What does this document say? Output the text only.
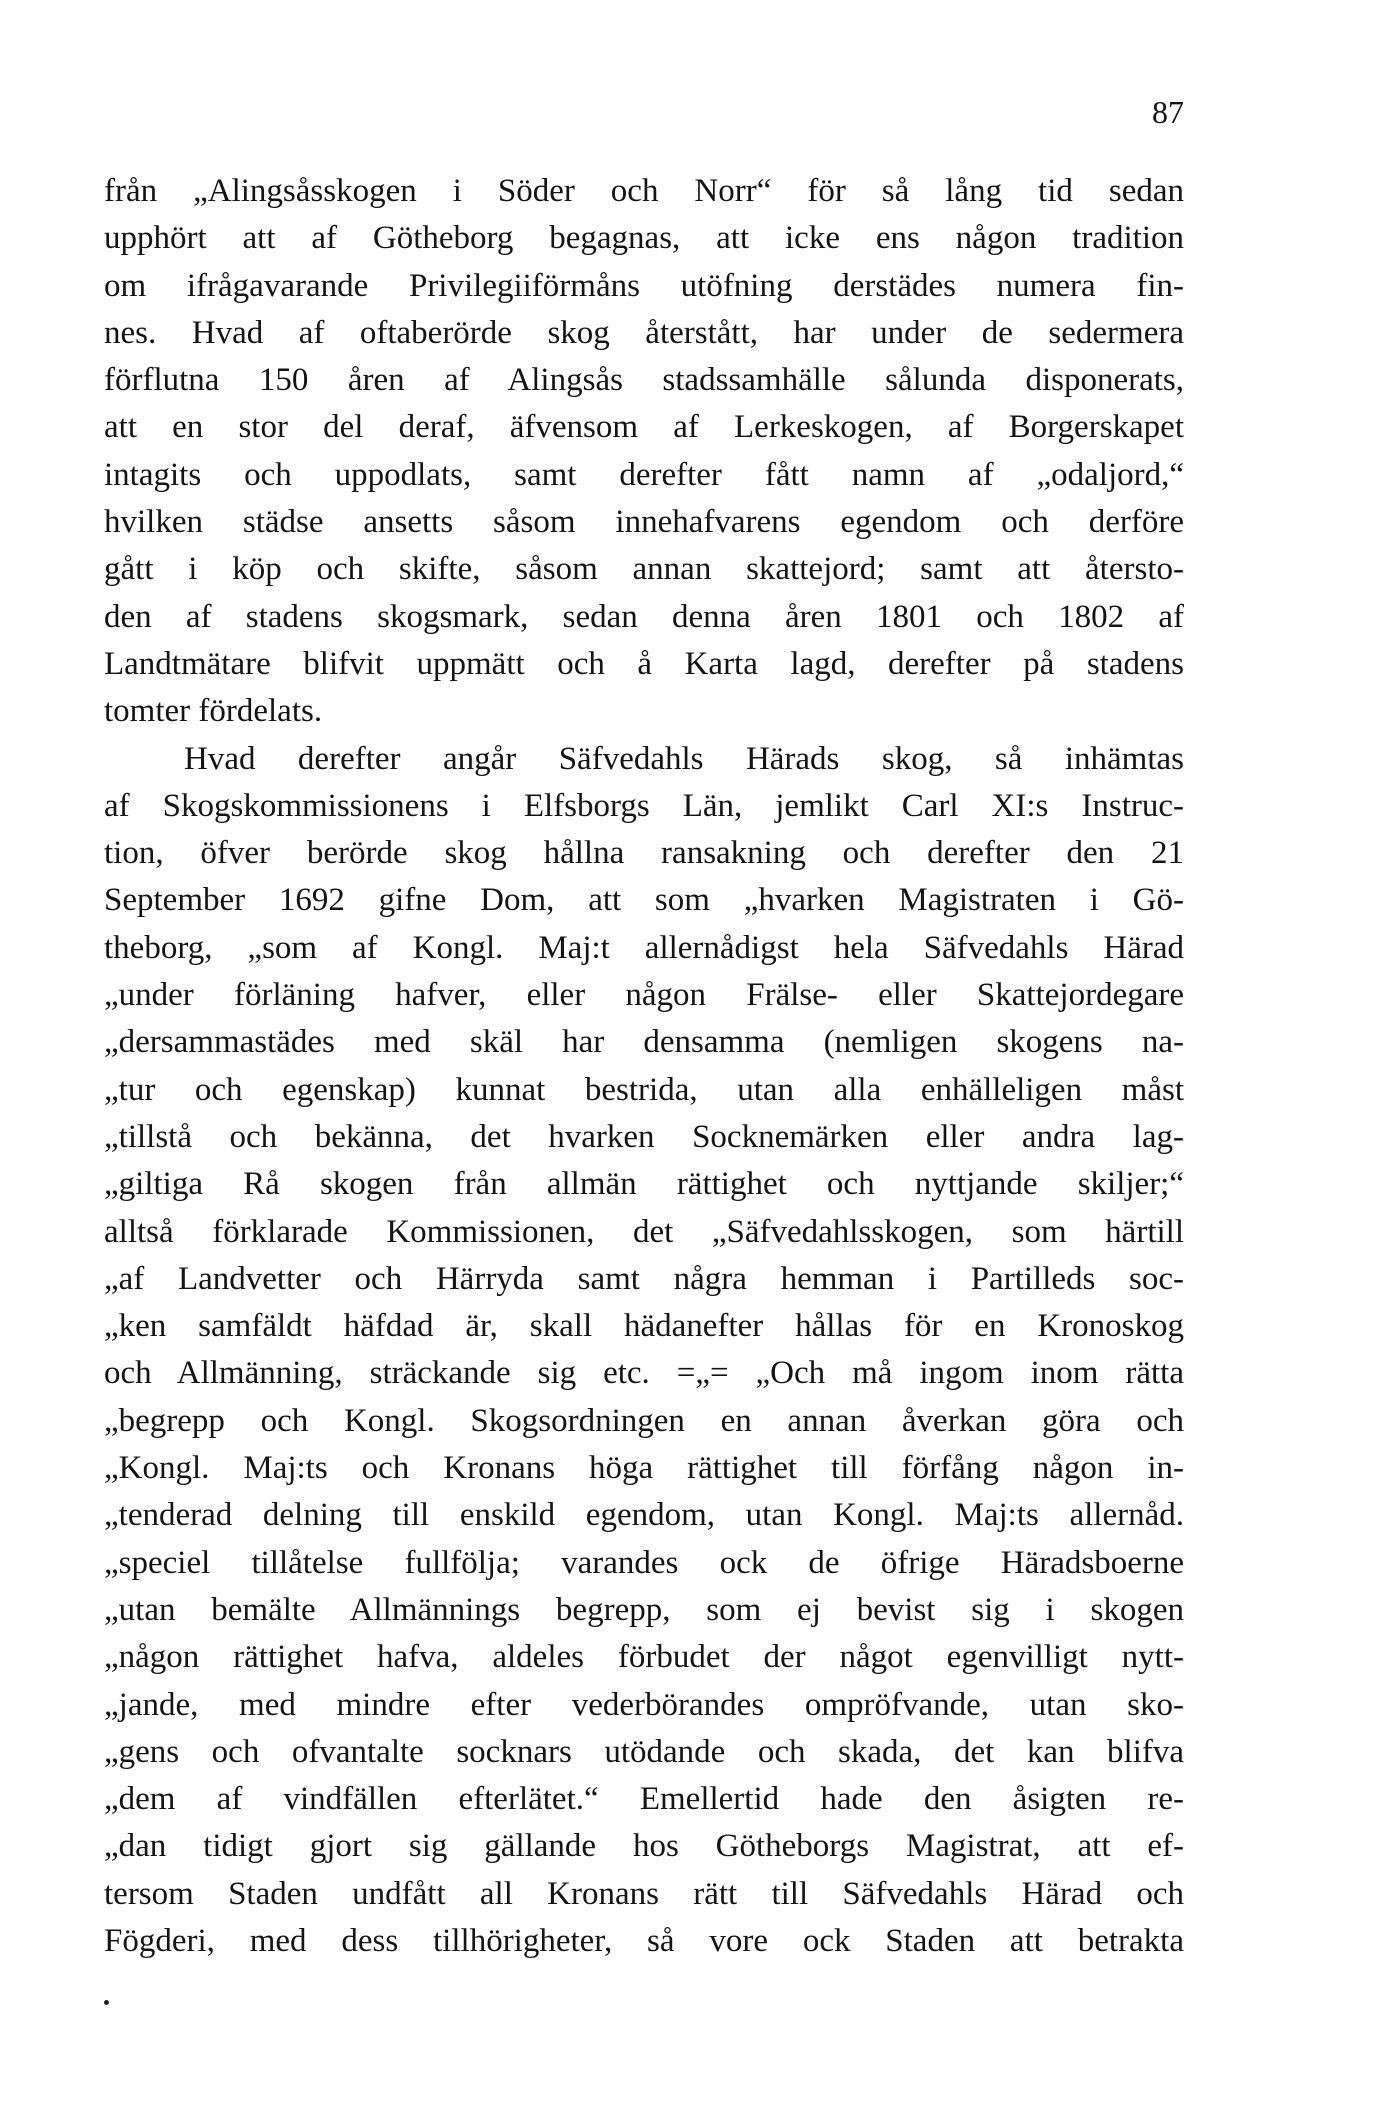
87
från „Alingsåsskogen i Söder och Norr“ för så lång tid sedan
upphört att af Götheborg begagnas, att icke ens någon tradition
om ifrågavarande Privilegiiförmåns utöfning derstädes numera fin-
nes. Hvad af oftaberörde skog återstått, har under de sedermera
förflutna 150 åren af Alingsås stadssamhälle sålunda disponerats,
att en stor del deraf, äfvensom af Lerkeskogen, af Borgerskapet
intagits och uppodlats, samt derefter fått namn af „odaljord,“
hvilken städse ansetts såsom innehafvarens egendom och derföre
gått i köp och skifte, såsom annan skattejord; samt att återsto-
den af stadens skogsmark, sedan denna åren 1801 och 1802 af
Landtmätare blifvit uppmätt och å Karta lagd, derefter på stadens
tomter fördelats.
Hvad derefter angår Säfvedahls Härads skog, så inhämtas
af Skogskommissionens i Elfsborgs Län, jemlikt Carl XI:s Instruc-
tion, öfver berörde skog hållna ransakning och derefter den 21
September 1692 gifne Dom, att som „hvarken Magistraten i Gö-
theborg, „som af Kongl. Maj:t allernådigst hela Säfvedahls Härad
„under förläning hafver, eller någon Frälse- eller Skattejordegare
„dersammastädes med skäl har densamma (nemligen skogens na-
„tur och egenskap) kunnat bestrida, utan alla enhälleligen måst
„tillstå och bekänna, det hvarken Socknemärken eller andra lag-
„giltiga Rå skogen från allmän rättighet och nyttjande skiljer;“
alltså förklarade Kommissionen, det „Säfvedahlsskogen, som härtill
„af Landvetter och Härryda samt några hemman i Partilleds soc-
„ken samfäldt häfdad är, skall hädanefter hållas för en Kronoskog
och Allmänning, sträckande sig etc. =„= „Och må ingom inom rätta
„begrepp och Kongl. Skogsordningen en annan åverkan göra och
„Kongl. Maj:ts och Kronans höga rättighet till förfång någon in-
„tenderad delning till enskild egendom, utan Kongl. Maj:ts allernåd.
„speciel tillåtelse fullfölja; varandes ock de öfrige Häradsboerne
„utan bemälte Allmännings begrepp, som ej bevist sig i skogen
„någon rättighet hafva, aldeles förbudet der något egenvilligt nytt-
„jande, med mindre efter vederbörandes ompröfvande, utan sko-
„gens och ofvantalte socknars utödande och skada, det kan blifva
„dem af vindfällen efterlätet.“ Emellertid hade den åsigten re-
„dan tidigt gjort sig gällande hos Götheborgs Magistrat, att ef-
tersom Staden undfått all Kronans rätt till Säfvedahls Härad och
Fögderi, med dess tillhörigheter, så vore ock Staden att betrakta
